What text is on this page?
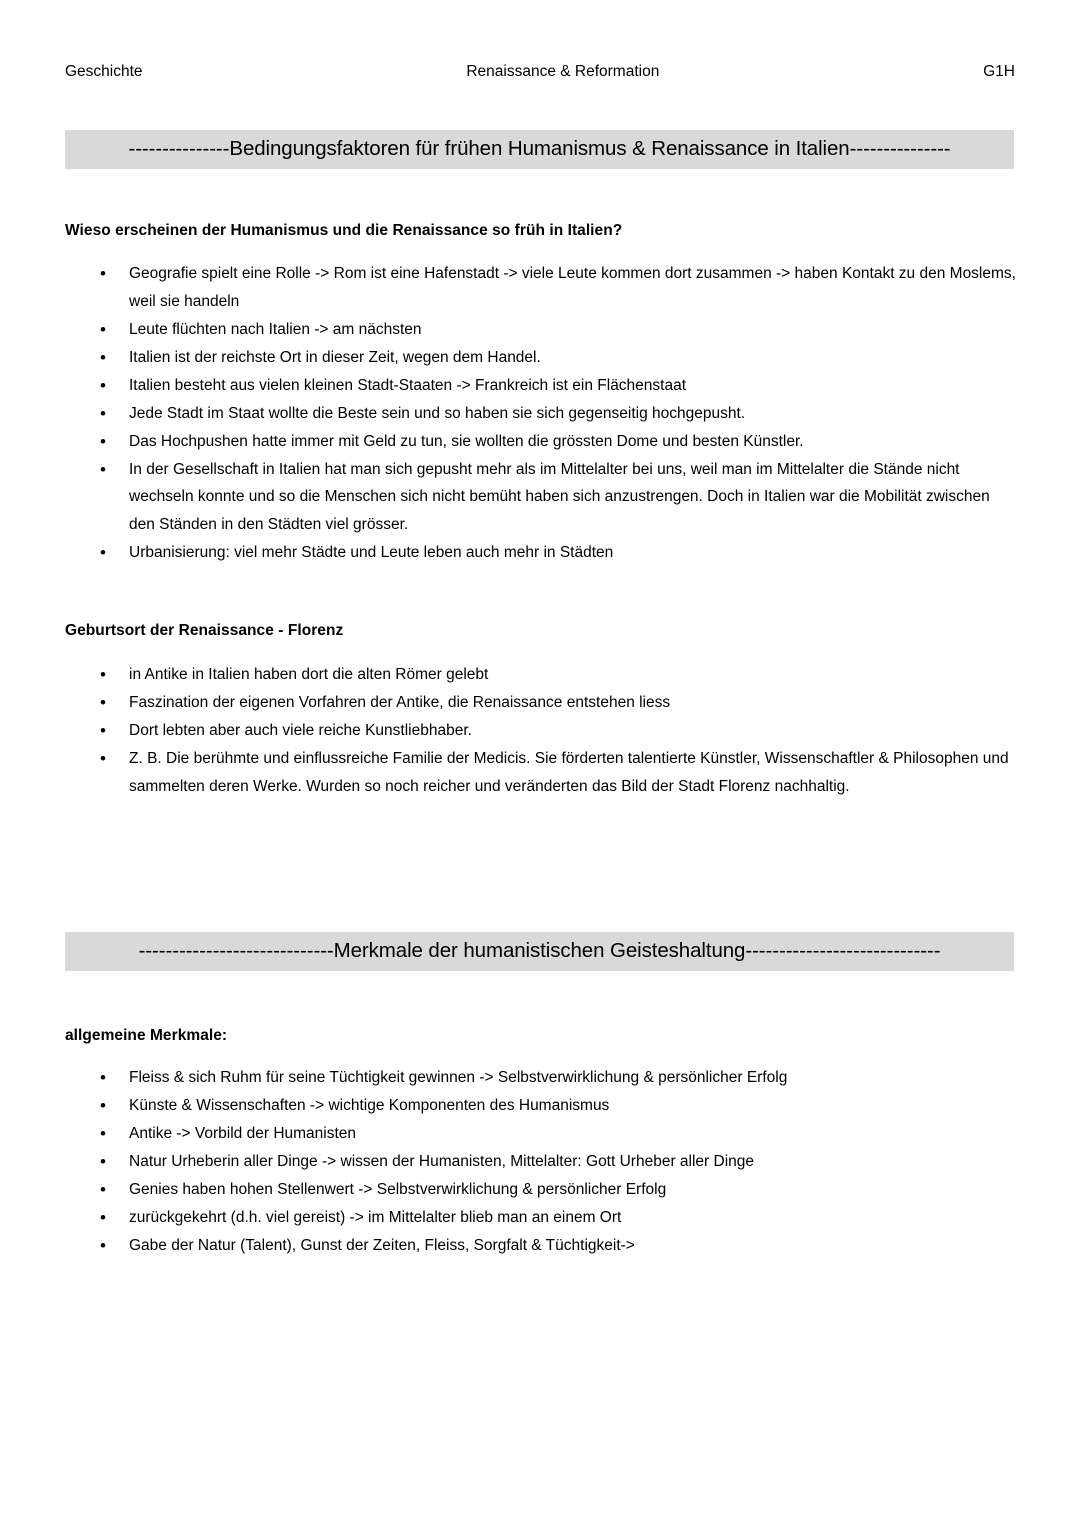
Geschichte	Renaissance & Reformation	G1H
---------------Bedingungsfaktoren für frühen Humanismus & Renaissance in Italien---------------
Wieso erscheinen der Humanismus und die Renaissance so früh in Italien?
• Geografie spielt eine Rolle -> Rom ist eine Hafenstadt -> viele Leute kommen dort zusammen -> haben Kontakt zu den Moslems, weil sie handeln
• Leute flüchten nach Italien -> am nächsten
• Italien ist der reichste Ort in dieser Zeit, wegen dem Handel.
• Italien besteht aus vielen kleinen Stadt-Staaten -> Frankreich ist ein Flächenstaat
• Jede Stadt im Staat wollte die Beste sein und so haben sie sich gegenseitig hochgepusht.
• Das Hochpushen hatte immer mit Geld zu tun, sie wollten die grössten Dome und besten Künstler.
• In der Gesellschaft in Italien hat man sich gepusht mehr als im Mittelalter bei uns, weil man im Mittelalter die Stände nicht wechseln konnte und so die Menschen sich nicht bemüht haben sich anzustrengen. Doch in Italien war die Mobilität zwischen den Ständen in den Städten viel grösser.
• Urbanisierung: viel mehr Städte und Leute leben auch mehr in Städten
Geburtsort der Renaissance - Florenz
• in Antike in Italien haben dort die alten Römer gelebt
• Faszination der eigenen Vorfahren der Antike, die Renaissance entstehen liess
• Dort lebten aber auch viele reiche Kunstliebhaber.
• Z. B. Die berühmte und einflussreiche Familie der Medicis. Sie förderten talentierte Künstler, Wissenschaftler & Philosophen und sammelten deren Werke. Wurden so noch reicher und veränderten das Bild der Stadt Florenz nachhaltig.
-----------------------------Merkmale der humanistischen Geisteshaltung-----------------------------
allgemeine Merkmale:
• Fleiss & sich Ruhm für seine Tüchtigkeit gewinnen -> Selbstverwirklichung & persönlicher Erfolg
• Künste & Wissenschaften -> wichtige Komponenten des Humanismus
• Antike -> Vorbild der Humanisten
• Natur Urheberin aller Dinge -> wissen der Humanisten, Mittelalter: Gott Urheber aller Dinge
• Genies haben hohen Stellenwert -> Selbstverwirklichung & persönlicher Erfolg
• zurückgekehrt (d.h. viel gereist) -> im Mittelalter blieb man an einem Ort
• Gabe der Natur (Talent), Gunst der Zeiten, Fleiss, Sorgfalt & Tüchtigkeit->
